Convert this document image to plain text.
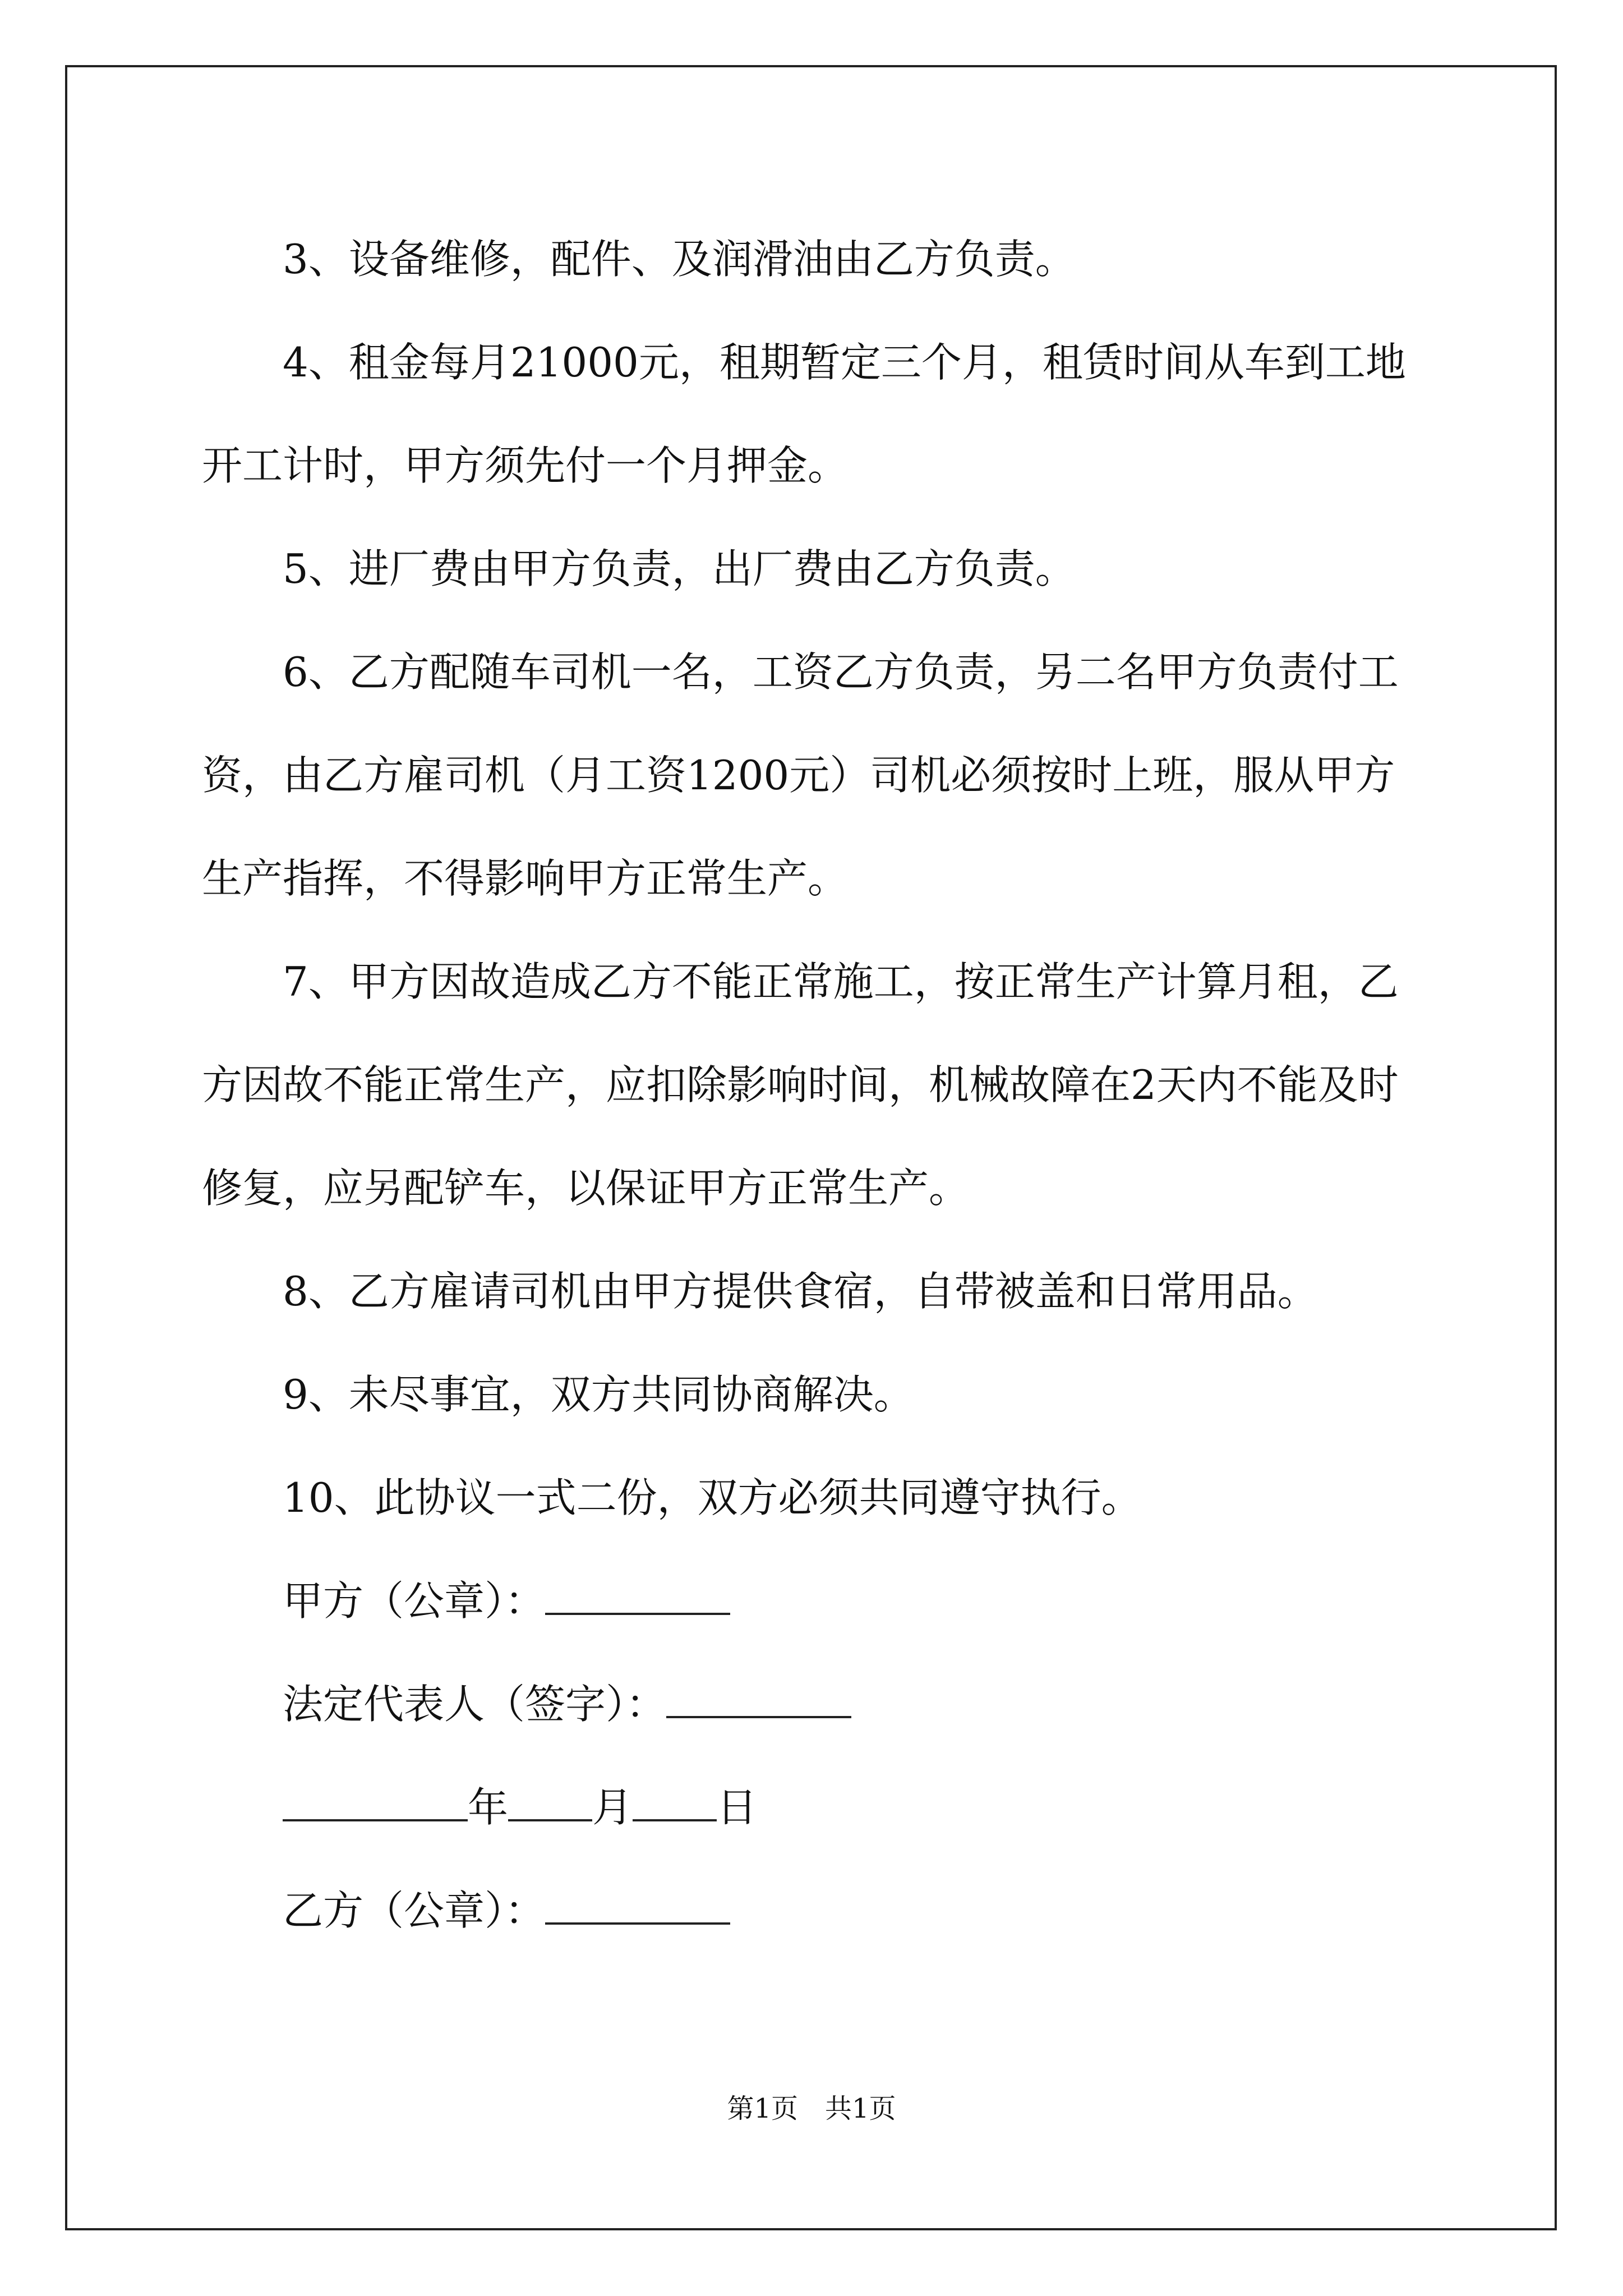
3、设备维修，配件、及润滑油由乙方负责。

4、租金每月21000元，租期暂定三个月，租赁时间从车到工地开工计时，甲方须先付一个月押金。

5、进厂费由甲方负责，出厂费由乙方负责。

6、乙方配随车司机一名，工资乙方负责，另二名甲方负责付工资，由乙方雇司机（月工资1200元）司机必须按时上班，服从甲方生产指挥，不得影响甲方正常生产。

7、甲方因故造成乙方不能正常施工，按正常生产计算月租，乙方因故不能正常生产，应扣除影响时间，机械故障在2天内不能及时修复，应另配铲车，以保证甲方正常生产。

8、乙方雇请司机由甲方提供食宿，自带被盖和日常用品。

9、未尽事宜，双方共同协商解决。

10、此协议一式二份，双方必须共同遵守执行。

甲方（公章）：

法定代表人（签字）：

年 月 日

乙方（公章）：

第1页　共1页
